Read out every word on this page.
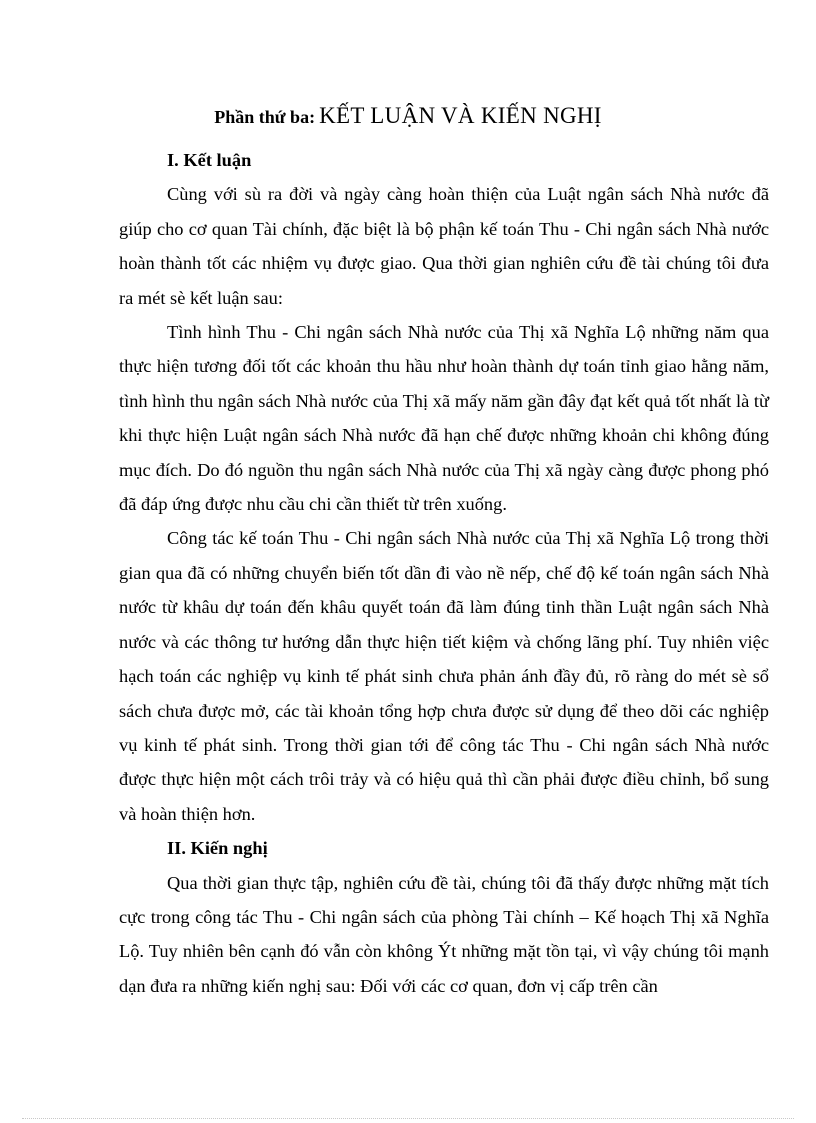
Phần thứ ba: KẾT LUẬN VÀ KIẾN NGHỊ
I. Kết luận

Cùng với sù ra đời và ngày càng hoàn thiện của Luật ngân sách Nhà nước đã giúp cho cơ quan Tài chính, đặc biệt là bộ phận kế toán Thu - Chi ngân sách Nhà nước hoàn thành tốt các nhiệm vụ được giao. Qua thời gian nghiên cứu đề tài chúng tôi đưa ra mét sè kết luận sau:

Tình hình Thu - Chi ngân sách Nhà nước của Thị xã Nghĩa Lộ những năm qua thực hiện tương đối tốt các khoản thu hầu như hoàn thành dự toán tỉnh giao hằng năm, tình hình thu ngân sách Nhà nước của Thị xã mấy năm gần đây đạt kết quả tốt nhất là từ khi thực hiện Luật ngân sách Nhà nước đã hạn chế được những khoản chi không đúng mục đích. Do đó nguồn thu ngân sách Nhà nước của Thị xã ngày càng được phong phó đã đáp ứng được nhu cầu chi cần thiết từ trên xuống.

Công tác kế toán Thu - Chi ngân sách Nhà nước của Thị xã Nghĩa Lộ trong thời gian qua đã có những chuyển biến tốt dần đi vào nề nếp, chế độ kế toán ngân sách Nhà nước từ khâu dự toán đến khâu quyết toán đã làm đúng tinh thần Luật ngân sách Nhà nước và các thông tư hướng dẫn thực hiện tiết kiệm và chống lãng phí. Tuy nhiên việc hạch toán các nghiệp vụ kinh tế phát sinh chưa phản ánh đầy đủ, rõ ràng do mét sè sổ sách chưa được mở, các tài khoản tổng hợp chưa được sử dụng để theo dõi các nghiệp vụ kinh tế phát sinh. Trong thời gian tới để công tác Thu - Chi ngân sách Nhà nước được thực hiện một cách trôi trảy và có hiệu quả thì cần phải được điều chỉnh, bổ sung và hoàn thiện hơn.

II. Kiến nghị

Qua thời gian thực tập, nghiên cứu đề tài, chúng tôi đã thấy được những mặt tích cực trong công tác Thu - Chi ngân sách của phòng Tài chính – Kế hoạch Thị xã Nghĩa Lộ. Tuy nhiên bên cạnh đó vẫn còn không Ýt những mặt tồn tại, vì vậy chúng tôi mạnh dạn đưa ra những kiến nghị sau: Đối với các cơ quan, đơn vị cấp trên cần
